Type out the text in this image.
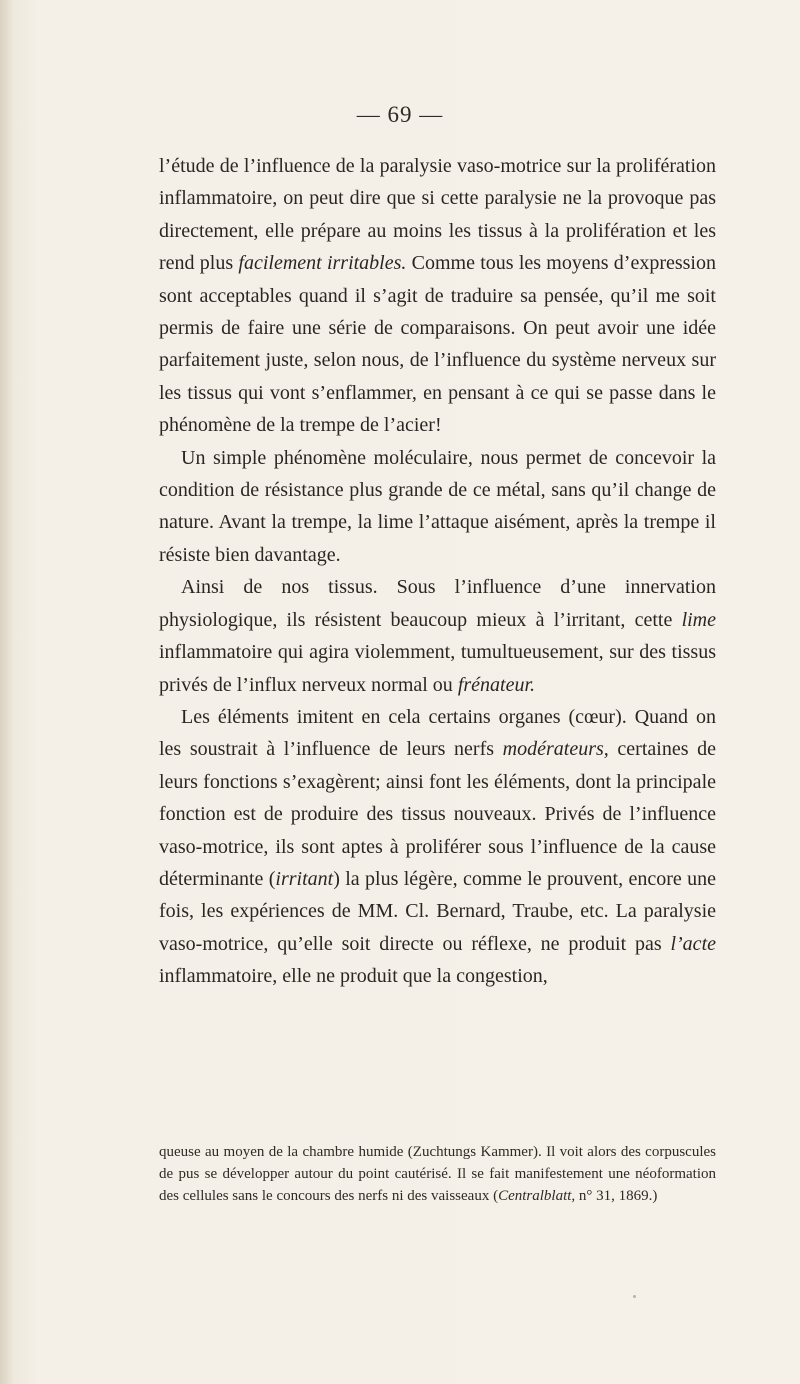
— 69 —

l’étude de l’influence de la paralysie vaso-motrice sur la prolifération inflammatoire, on peut dire que si cette paralysie ne la provoque pas directement, elle prépare au moins les tissus à la prolifération et les rend plus facilement irritables. Comme tous les moyens d’expression sont acceptables quand il s’agit de traduire sa pensée, qu’il me soit permis de faire une série de comparaisons. On peut avoir une idée parfaitement juste, selon nous, de l’influence du système nerveux sur les tissus qui vont s’enflammer, en pensant à ce qui se passe dans le phénomène de la trempe de l’acier!

Un simple phénomène moléculaire, nous permet de concevoir la condition de résistance plus grande de ce métal, sans qu’il change de nature. Avant la trempe, la lime l’attaque aisément, après la trempe il résiste bien davantage.

Ainsi de nos tissus. Sous l’influence d’une innervation physiologique, ils résistent beaucoup mieux à l’irritant, cette lime inflammatoire qui agira violemment, tumultueusement, sur des tissus privés de l’influx nerveux normal ou frénateur.

Les éléments imitent en cela certains organes (cœur). Quand on les soustrait à l’influence de leurs nerfs modérateurs, certaines de leurs fonctions s’exagèrent; ainsi font les éléments, dont la principale fonction est de produire des tissus nouveaux. Privés de l’influence vaso-motrice, ils sont aptes à proliférer sous l’influence de la cause déterminante (irritant) la plus légère, comme le prouvent, encore une fois, les expériences de MM. Cl. Bernard, Traube, etc. La paralysie vaso-motrice, qu’elle soit directe ou réflexe, ne produit pas l’acte inflammatoire, elle ne produit que la congestion,

queuse au moyen de la chambre humide (Zuchtungs Kammer). Il voit alors des corpuscules de pus se développer autour du point cautérisé. Il se fait manifestement une néoformation des cellules sans le concours des nerfs ni des vaisseaux (Centralblatt, n° 31, 1869.)
